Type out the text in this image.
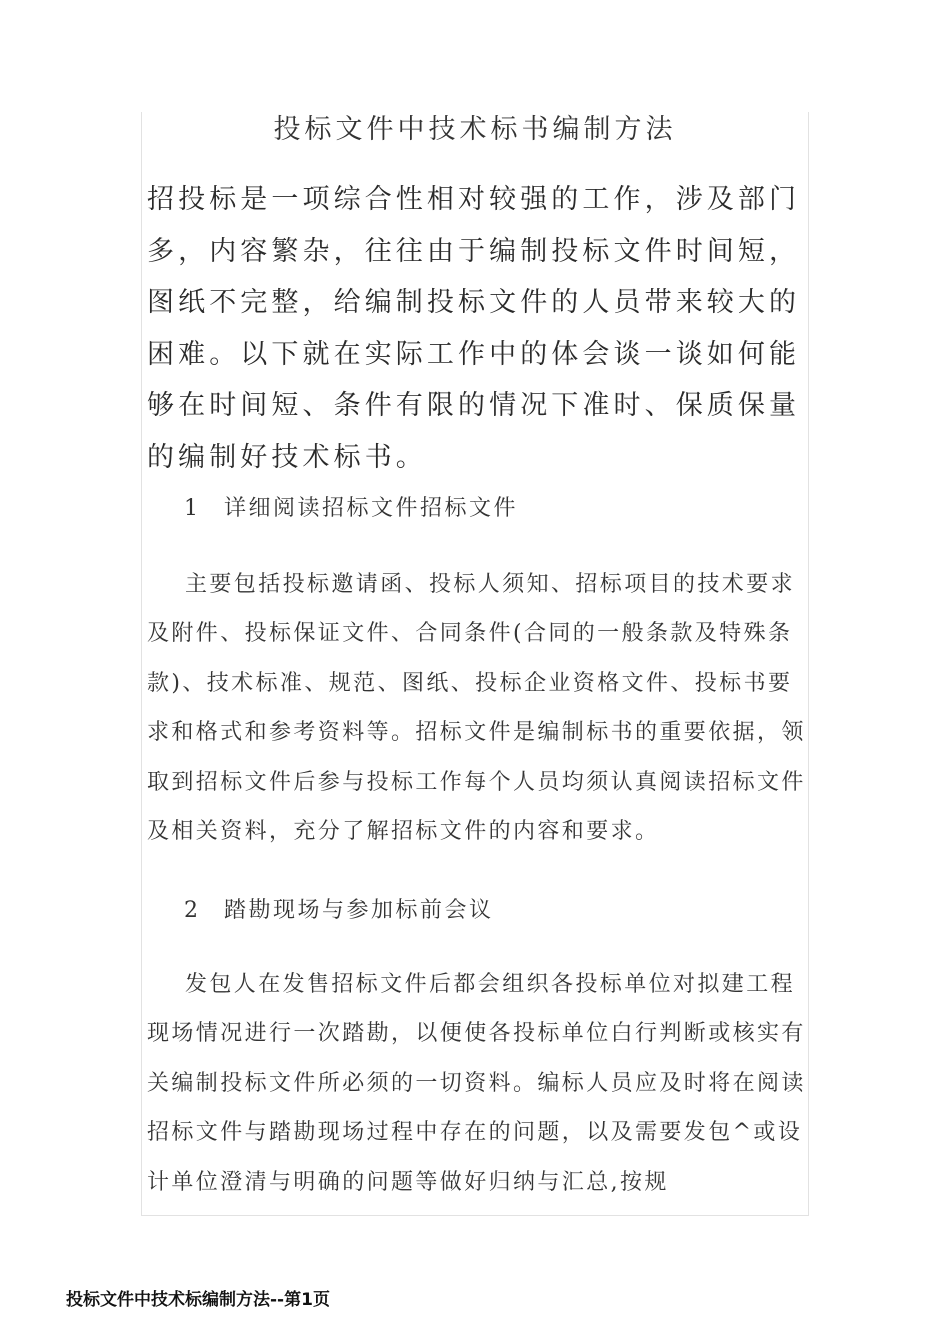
投标文件中技术标书编制方法
招投标是一项综合性相对较强的工作，涉及部门多，内容繁杂，往往由于编制投标文件时间短，图纸不完整，给编制投标文件的人员带来较大的困难。以下就在实际工作中的体会谈一谈如何能够在时间短、条件有限的情况下准时、保质保量的编制好技术标书。
1 详细阅读招标文件招标文件
主要包括投标邀请函、投标人须知、招标项目的技术要求及附件、投标保证文件、合同条件(合同的一般条款及特殊条款)、技术标准、规范、图纸、投标企业资格文件、投标书要求和格式和参考资料等。招标文件是编制标书的重要依据，领取到招标文件后参与投标工作每个人员均须认真阅读招标文件及相关资料，充分了解招标文件的内容和要求。
2 踏勘现场与参加标前会议
发包人在发售招标文件后都会组织各投标单位对拟建工程现场情况进行一次踏勘，以便使各投标单位白行判断或核实有关编制投标文件所必须的一切资料。编标人员应及时将在阅读招标文件与踏勘现场过程中存在的问题，以及需要发包^或设计单位澄清与明确的问题等做好归纳与汇总,按规
投标文件中技术标编制方法--第1页
